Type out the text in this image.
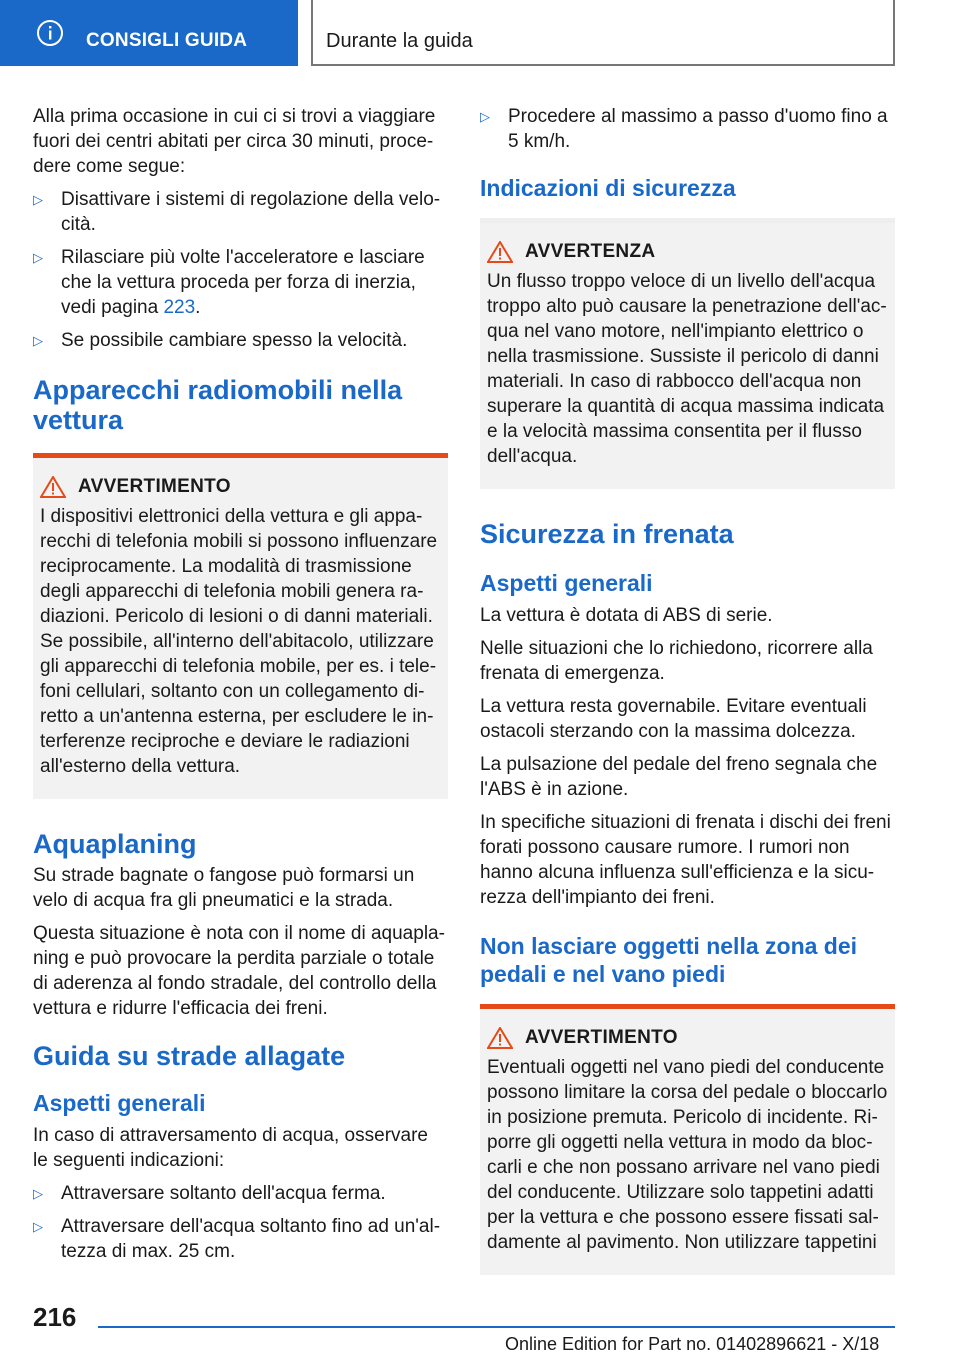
CONSIGLI GUIDA	Durante la guida

Alla prima occasione in cui ci si trovi a viaggiare fuori dei centri abitati per circa 30 minuti, procedere come segue:

▷ Disattivare i sistemi di regolazione della velocità.
▷ Rilasciare più volte l'acceleratore e lasciare che la vettura proceda per forza di inerzia, vedi pagina 223.
▷ Se possibile cambiare spesso la velocità.
Apparecchi radiomobili nella vettura
AVVERTIMENTO
I dispositivi elettronici della vettura e gli apparecchi di telefonia mobili si possono influenzare reciprocamente. La modalità di trasmissione degli apparecchi di telefonia mobili genera radiazioni. Pericolo di lesioni o di danni materiali. Se possibile, all'interno dell'abitacolo, utilizzare gli apparecchi di telefonia mobile, per es. i telefoni cellulari, soltanto con un collegamento diretto a un'antenna esterna, per escludere le interferenze reciproche e deviare le radiazioni all'esterno della vettura.
Aquaplaning

Su strade bagnate o fangose può formarsi un velo di acqua fra gli pneumatici e la strada.

Questa situazione è nota con il nome di aquaplaning e può provocare la perdita parziale o totale di aderenza al fondo stradale, del controllo della vettura e ridurre l'efficacia dei freni.

Guida su strade allagate
Aspetti generali

In caso di attraversamento di acqua, osservare le seguenti indicazioni:

▷ Attraversare soltanto dell'acqua ferma.
▷ Attraversare dell'acqua soltanto fino ad un'altezza di max. 25 cm.
▷ Procedere al massimo a passo d'uomo fino a 5 km/h.
Indicazioni di sicurezza
AVVERTENZA
Un flusso troppo veloce di un livello dell'acqua troppo alto può causare la penetrazione dell'acqua nel vano motore, nell'impianto elettrico o nella trasmissione. Sussiste il pericolo di danni materiali. In caso di rabbocco dell'acqua non superare la quantità di acqua massima indicata e la velocità massima consentita per il flusso dell'acqua.
Sicurezza in frenata
Aspetti generali

La vettura è dotata di ABS di serie.

Nelle situazioni che lo richiedono, ricorrere alla frenata di emergenza.

La vettura resta governabile. Evitare eventuali ostacoli sterzando con la massima dolcezza.

La pulsazione del pedale del freno segnala che l'ABS è in azione.

In specifiche situazioni di frenata i dischi dei freni forati possono causare rumore. I rumori non hanno alcuna influenza sull'efficienza e la sicurezza dell'impianto dei freni.

Non lasciare oggetti nella zona dei pedali e nel vano piedi
AVVERTIMENTO
Eventuali oggetti nel vano piedi del conducente possono limitare la corsa del pedale o bloccarlo in posizione premuta. Pericolo di incidente. Riporre gli oggetti nella vettura in modo da bloccarli e che non possano arrivare nel vano piedi del conducente. Utilizzare solo tappetini adatti per la vettura e che possono essere fissati saldamente al pavimento. Non utilizzare tappetini
216
Online Edition for Part no. 01402896621 - X/18
